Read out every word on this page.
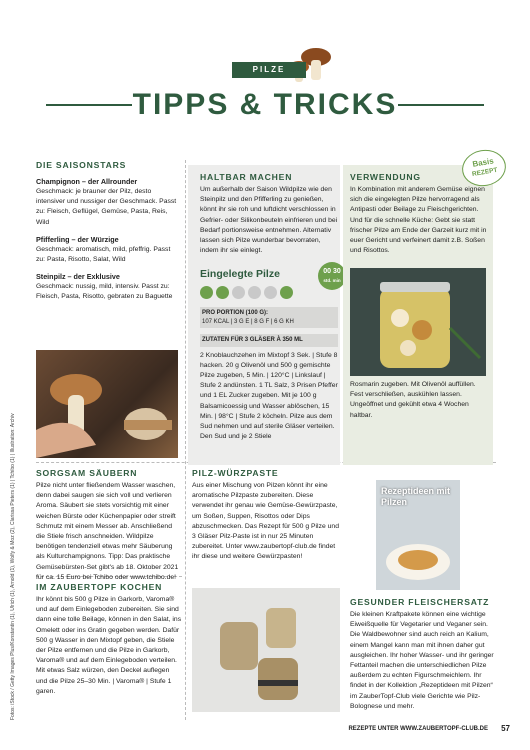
PILZE
TIPPS & TRICKS
DIE SAISONSTARS
Champignon – der Allrounder
Geschmack: je brauner der Pilz, desto intensiver und nussiger der Geschmack. Passt zu: Fleisch, Geflügel, Gemüse, Pasta, Reis, Wild
Pfifferling – der Würzige
Geschmack: aromatisch, mild, pfeffrig. Passt zu: Pasta, Risotto, Salat, Wild
Steinpilz – der Exklusive
Geschmack: nussig, mild, intensiv. Passt zu: Fleisch, Pasta, Risotto, gebraten zu Baguette
SORGSAM SÄUBERN
Pilze nicht unter fließendem Wasser waschen, denn dabei saugen sie sich voll und verlieren Aroma. Säubert sie stets vorsichtig mit einer weichen Bürste oder Küchenpapier oder streift Schmutz mit einem Messer ab. Anschließend die Stiele frisch anschneiden. Wildpilze benötigen tendenziell etwas mehr Säuberung als Kulturchampignons. Tipp: Das praktische Gemüsebürsten-Set gibt's ab 18. Oktober 2021 für ca. 15 Euro bei Tchibo oder www.tchibo.de!
IM ZAUBERTOPF KOCHEN
Ihr könnt bis 500 g Pilze in Garkorb, Varoma® und auf dem Einlegeboden zubereiten. Sie sind dann eine tolle Beilage, können in den Salat, ins Omelett oder ins Gratin gegeben werden. Dafür 500 g Wasser in den Mixtopf geben, die Stiele der Pilze entfernen und die Pilze in Garkorb, Varoma® und auf dem Einlegeboden verteilen. Mit etwas Salz würzen, den Deckel auflegen und die Pilze 25–30 Min. | Varoma® | Stufe 1 garen.
HALTBAR MACHEN
Um außerhalb der Saison Wildpilze wie den Steinpilz und den Pfifferling zu genießen, könnt ihr sie roh und luftdicht verschlossen in Gefrier- oder Silikonbeuteln einfrieren und bei Bedarf portionsweise entnehmen. Alternativ lassen sich Pilze wunderbar bevorraten, indem ihr sie einlegt.
Eingelegte Pilze	00 30
std. min
PRO PORTION (100 G):
107 KCAL | 3 G E | 8 G F | 6 G KH
ZUTATEN FÜR 3 GLÄSER À 350 ML
2 Knoblauchzehen im Mixtopf 3 Sek. | Stufe 8 hacken. 20 g Olivenöl und 500 g gemischte Pilze zugeben, 5 Min. | 120°C | Linkslauf | Stufe 2 andünsten. 1 TL Salz, 3 Prisen Pfeffer und 1 EL Zucker zugeben. Mit je 100 g Balsamicoessig und Wasser ablöschen, 15 Min. | 98°C | Stufe 2 köcheln. Pilze aus dem Sud nehmen und auf sterile Gläser verteilen. Den Sud und je 2 Stiele
Basis
REZEPT
VERWENDUNG
In Kombination mit anderem Gemüse eignen sich die eingelegten Pilze hervorragend als Antipasti oder Beilage zu Fleischgerichten. Und für die schnelle Küche: Gebt sie statt frischer Pilze am Ende der Garzeit kurz mit in euer Gericht und verfeinert damit z.B. Soßen und Risottos.
Rosmarin zugeben. Mit Olivenöl auffüllen. Fest verschließen, auskühlen lassen. Ungeöffnet und gekühlt etwa 4 Wochen haltbar.
PILZ-WÜRZPASTE
Aus einer Mischung von Pilzen könnt ihr eine aromatische Pilzpaste zubereiten. Diese verwendet ihr genau wie Gemüse-Gewürzpaste, um Soßen, Suppen, Risottos oder Dips abzuschmecken. Das Rezept für 500 g Pilze und 3 Gläser Pilz-Paste ist in nur 25 Minuten zubereitet. Unter www.zaubertopf-club.de findet ihr diese und weitere Gewürzpasten!
Rezeptideen mit Pilzen
GESUNDER FLEISCHERSATZ
Die kleinen Kraftpakete können eine wichtige Eiweißquelle für Vegetarier und Veganer sein. Die Waldbewohner sind auch reich an Kalium, einem Mangel kann man mit ihnen daher gut ausgleichen. Ihr hoher Wasser- und ihr geringer Fettanteil machen die unterschiedlichen Pilze außerdem zu echten Figurschmeichlern. Ihr findet in der Kollektion „Rezeptideen mit Pilzen“ im ZauberTopf-Club viele Gerichte wie Pilz-Bolognese und mehr.
Fotos: iStock / Getty Images Plus/Konstantin (1), Ulrich (1), Arnold (1), Wolfy & Moz (2), Clarissa Pieters (1) | Tchibo (1) | Illustration: Archiv
REZEPTE UNTER WWW.ZAUBERTOPF-CLUB.DE 57
